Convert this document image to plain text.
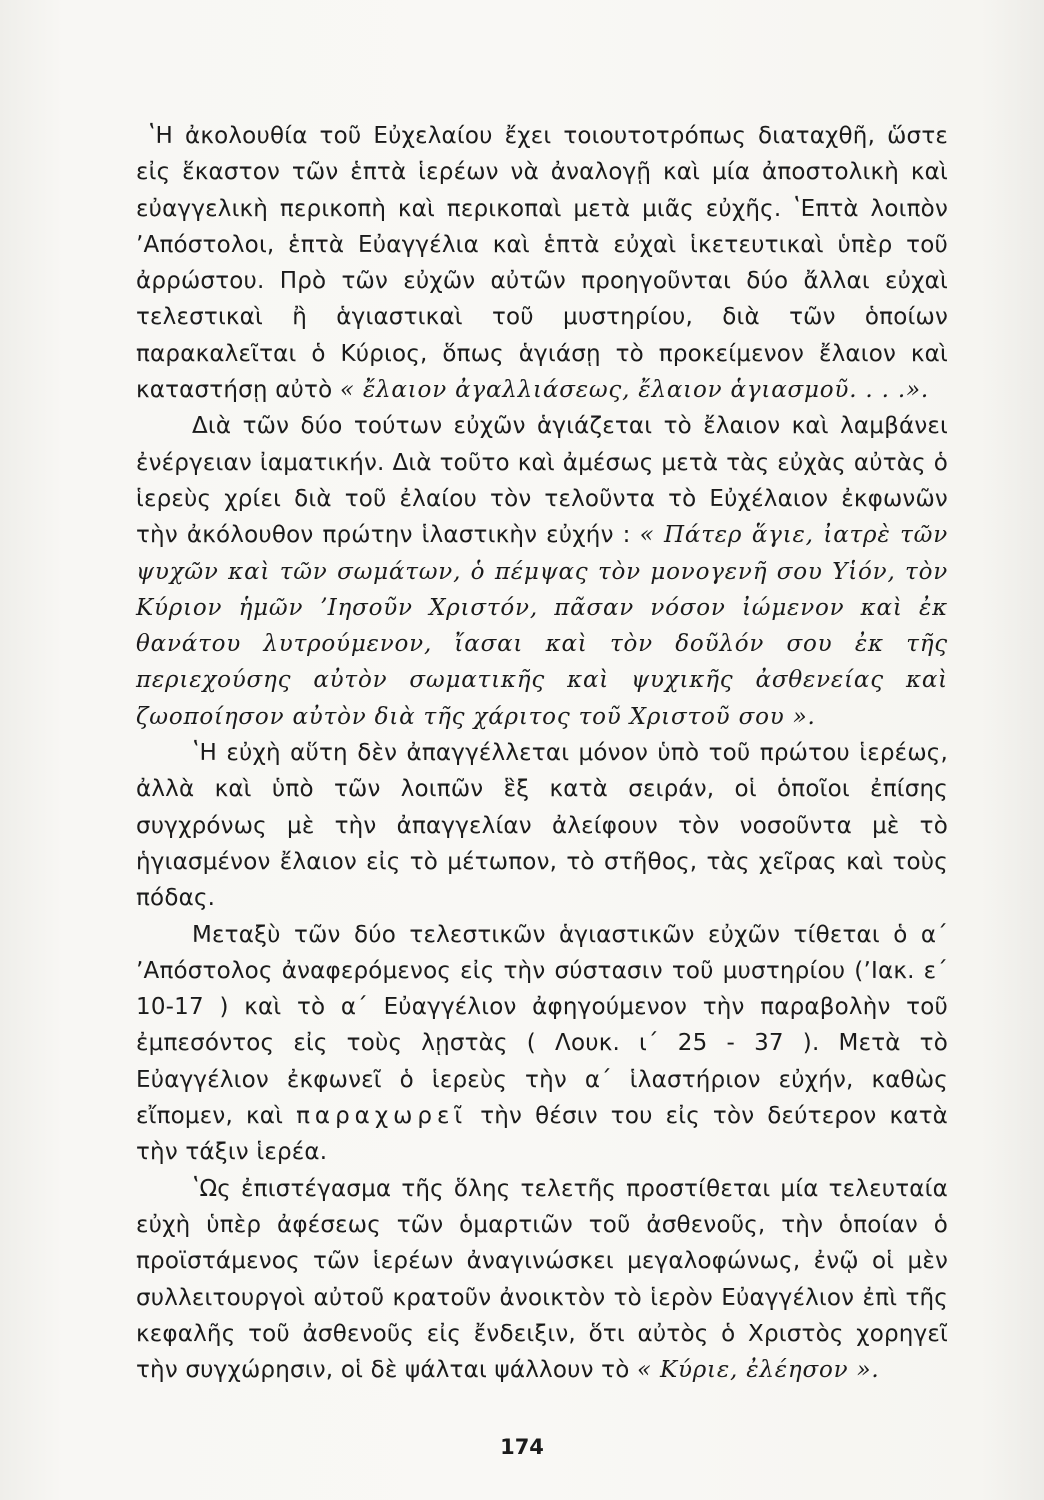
ʽΗ ἀκολουθία τοῦ Εὐχελαίου ἔχει τοιουτοτρόπως διαταχθῆ, ὥστε εἰς ἕκαστον τῶν ἑπτὰ ἱερέων νὰ ἀναλογῇ καὶ μία ἀποστολικὴ καὶ εὐαγγελικὴ περικοπὴ καὶ περικοπαὶ μετὰ μιᾶς εὐχῆς. ʽΕπτὰ λοιπὸν ʼΑπόστολοι, ἑπτὰ Εὐαγγέλια καὶ ἑπτὰ εὐχαὶ ἱκετευτικαὶ ὑπὲρ τοῦ ἀρρώστου. Πρὸ τῶν εὐχῶν αὐτῶν προηγοῦνται δύο ἄλλαι εὐχαὶ τελεστικαὶ ἢ ἁγιαστικαὶ τοῦ μυστηρίου, διὰ τῶν ὁποίων παρακαλεῖται ὁ Κύριος, ὅπως ἁγιάσῃ τὸ προκείμενον ἔλαιον καὶ καταστήσῃ αὐτὸ « ἔλαιον ἀγαλλιάσεως, ἔλαιον ἁγιασμοῦ. . . .».

Διὰ τῶν δύο τούτων εὐχῶν ἁγιάζεται τὸ ἔλαιον καὶ λαμβάνει ἐνέργειαν ἰαματικήν. Διὰ τοῦτο καὶ ἀμέσως μετὰ τὰς εὐχὰς αὐτὰς ὁ ἱερεὺς χρίει διὰ τοῦ ἐλαίου τὸν τελοῦντα τὸ Εὐχέλαιον ἐκφωνῶν τὴν ἀκόλουθον πρώτην ἱλαστικὴν εὐχήν : « Πάτερ ἅγιε, ἰατρὲ τῶν ψυχῶν καὶ τῶν σωμάτων, ὁ πέμψας τὸν μονογενῆ σου Υἱόν, τὸν Κύριον ἡμῶν ʼΙησοῦν Χριστόν, πᾶσαν νόσον ἰώμενον καὶ ἐκ θανάτου λυτρούμενον, ἴασαι καὶ τὸν δοῦλόν σου ἐκ τῆς περιεχούσης αὐτὸν σωματικῆς καὶ ψυχικῆς ἀσθενείας καὶ ζωοποίησον αὐτὸν διὰ τῆς χάριτος τοῦ Χριστοῦ σου ».

ʽΗ εὐχὴ αὕτη δὲν ἀπαγγέλλεται μόνον ὑπὸ τοῦ πρώτου ἱερέως, ἀλλὰ καὶ ὑπὸ τῶν λοιπῶν ἓξ κατὰ σειράν, οἱ ὁποῖοι ἐπίσης συγχρόνως μὲ τὴν ἀπαγγελίαν ἀλείφουν τὸν νοσοῦντα μὲ τὸ ἡγιασμένον ἔλαιον εἰς τὸ μέτωπον, τὸ στῆθος, τὰς χεῖρας καὶ τοὺς πόδας.

Μεταξὺ τῶν δύο τελεστικῶν ἁγιαστικῶν εὐχῶν τίθεται ὁ α΄ ʼΑπόστολος ἀναφερόμενος εἰς τὴν σύστασιν τοῦ μυστηρίου (ʼΙακ. ε΄ 10-17 ) καὶ τὸ α΄ Εὐαγγέλιον ἀφηγούμενον τὴν παραβολὴν τοῦ ἐμπεσόντος εἰς τοὺς λῃστὰς ( Λουκ. ι΄ 25 - 37 ). Μετὰ τὸ Εὐαγγέλιον ἐκφωνεῖ ὁ ἱερεὺς τὴν α΄ ἱλαστήριον εὐχήν, καθὼς εἴπομεν, καὶ παραχωρεῖ τὴν θέσιν του εἰς τὸν δεύτερον κατὰ τὴν τάξιν ἱερέα.

ʽΩς ἐπιστέγασμα τῆς ὅλης τελετῆς προστίθεται μία τελευταία εὐχὴ ὑπὲρ ἀφέσεως τῶν ὁμαρτιῶν τοῦ ἀσθενοῦς, τὴν ὁποίαν ὁ προϊστάμενος τῶν ἱερέων ἀναγινώσκει μεγαλοφώνως, ἐνῷ οἱ μὲν συλλειτουργοὶ αὐτοῦ κρατοῦν ἀνοικτὸν τὸ ἱερὸν Εὐαγγέλιον ἐπὶ τῆς κεφαλῆς τοῦ ἀσθενοῦς εἰς ἔνδειξιν, ὅτι αὐτὸς ὁ Χριστὸς χορηγεῖ τὴν συγχώρησιν, οἱ δὲ ψάλται ψάλλουν τὸ « Κύριε, ἐλέησον ».

174
